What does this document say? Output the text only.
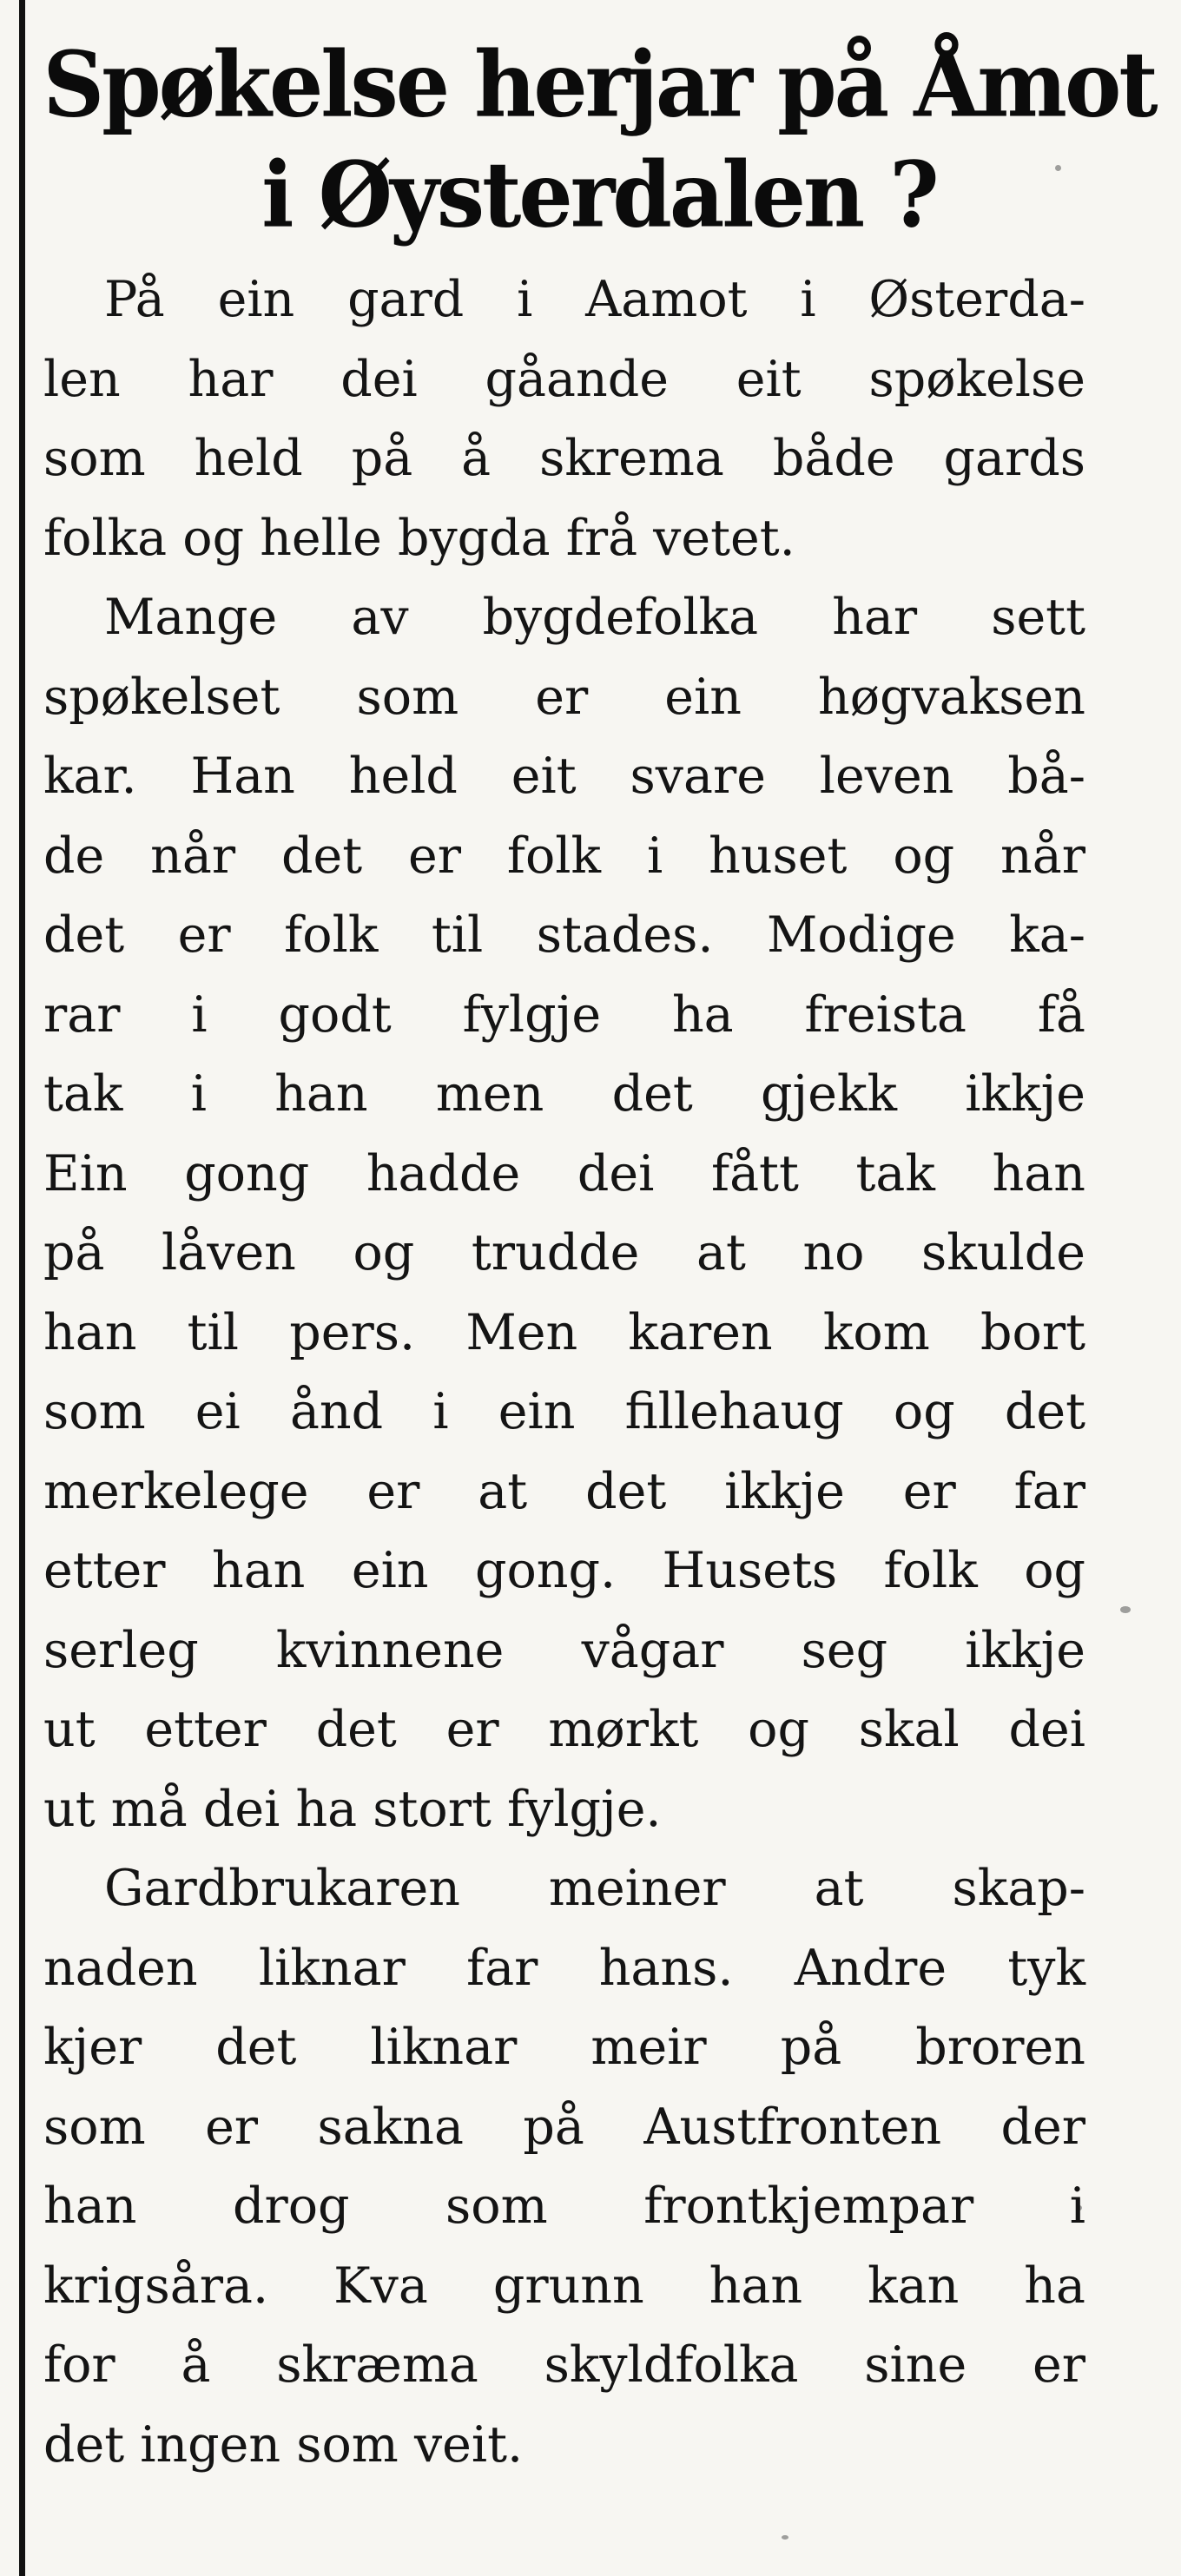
Spøkelse herjar på Åmot
i Øysterdalen ?

På ein gard i Aamot i Østerda-
len har dei gåande eit spøkelse
som held på å skrema både gards
folka og helle bygda frå vetet.

Mange av bygdefolka har sett
spøkelset som er ein høgvaksen
kar. Han held eit svare leven bå-
de når det er folk i huset og når
det er folk til stades. Modige ka-
rar i godt fylgje ha freista få
tak i han men det gjekk ikkje
Ein gong hadde dei fått tak han
på låven og trudde at no skulde
han til pers. Men karen kom bort
som ei ånd i ein fillehaug og det
merkelege er at det ikkje er far
etter han ein gong. Husets folk og
serleg kvinnene vågar seg ikkje
ut etter det er mørkt og skal dei
ut må dei ha stort fylgje.

Gardbrukaren meiner at skap-
naden liknar far hans. Andre tyk
kjer det liknar meir på broren
som er sakna på Austfronten der
han drog som frontkjempar i
krigsåra. Kva grunn han kan ha
for å skræma skyldfolka sine er
det ingen som veit.
